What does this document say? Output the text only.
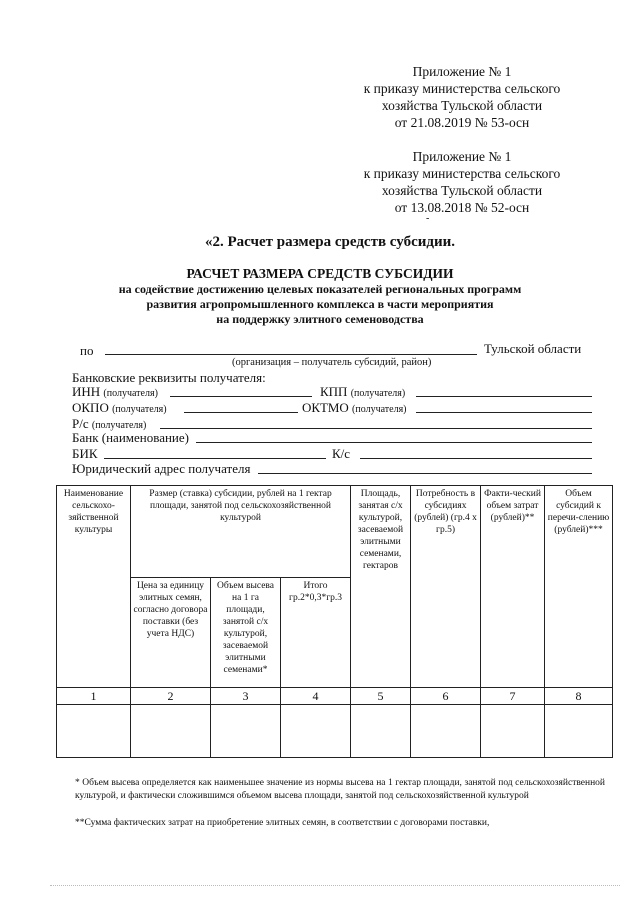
Приложение № 1
к приказу министерства сельского
хозяйства Тульской области
от 21.08.2019 № 53-осн
Приложение № 1
к приказу министерства сельского
хозяйства Тульской области
от 13.08.2018 № 52-осн
-
«2. Расчет размера средств субсидии.
РАСЧЕТ РАЗМЕРА СРЕДСТВ СУБСИДИИ
на содействие достижению целевых показателей региональных программ
развития агропромышленного комплекса в части мероприятия
на поддержку элитного семеноводства
по	Тульской области
(организация – получатель субсидий, район)
Банковские реквизиты получателя:
ИНН (получателя)	КПП (получателя)
ОКПО (получателя)	ОКТМО (получателя)
Р/с (получателя)
Банк (наименование)
БИК	К/с
Юридический адрес получателя
Наименование сельскохо-зяйственной культуры	Размер (ставка) субсидии, рублей на 1 гектар площади, занятой под сельскохозяйственной культурой			Площадь, занятая с/х культурой, засеваемой элитными семенами, гектаров	Потребность в субсидиях (рублей) (гр.4 х гр.5)	Факти-ческий объем затрат (рублей)**	Объем субсидий к перечи-слению (рублей)***
	Цена за единицу элитных семян, согласно договора поставки (без учета НДС)	Объем высева на 1 га площади, занятой с/х культурой, засеваемой элитными семенами*	Итого гр.2*0,3*гр.3				
1	2	3	4	5	6	7	8

* Объем высева определяется как наименьшее значение из нормы высева на 1 гектар площади, занятой под сельскохозяйственной культурой, и фактически сложившимся объемом высева площади, занятой под сельскохозяйственной культурой
**Сумма фактических затрат на приобретение элитных семян, в соответствии с договорами поставки,
